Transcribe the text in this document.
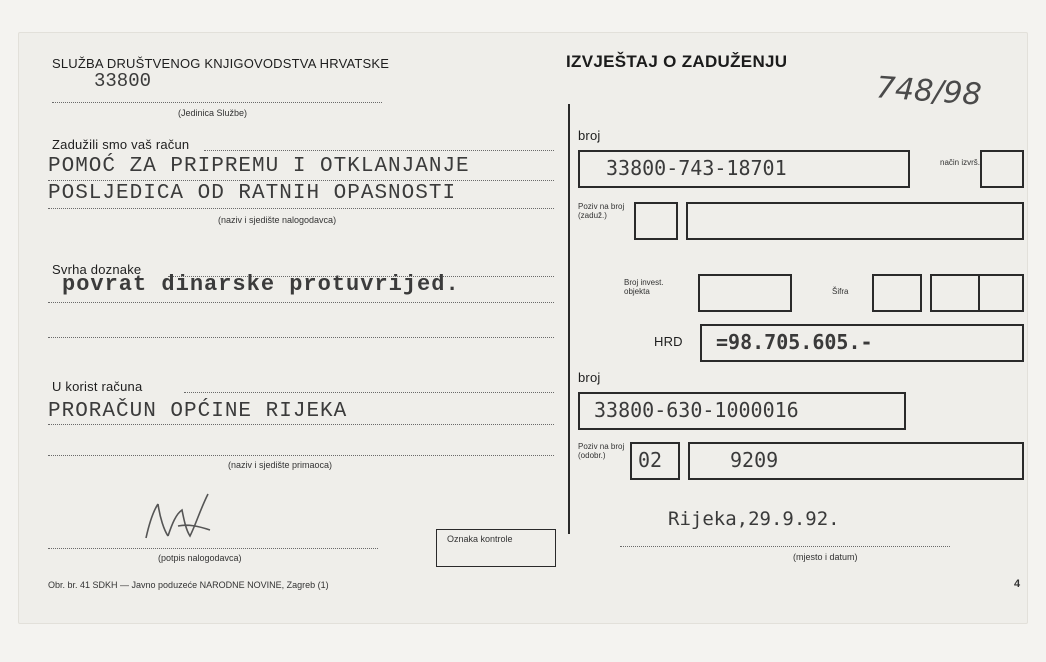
SLUŽBA DRUŠTVENOG KNJIGOVODSTVA HRVATSKE
33800
(Jedinica Službe)
IZVJEŠTAJ O ZADUŽENJU
748/98
Zadužili smo vaš račun
POMOĆ ZA PRIPREMU I OTKLANJANJE
POSLJEDICA OD RATNIH OPASNOSTI
(naziv i sjedište nalogodavca)
Svrha doznake
povrat dinarske protuvrijed.
U korist računa
PRORAČUN OPĆINE RIJEKA
(naziv i sjedište primaoca)
(potpis nalogodavca)
Oznaka kontrole
Obr. br. 41 SDKH — Javno poduzeće NARODNE NOVINE, Zagreb (1)	4
broj
33800-743-18701	način izvrš.
Poziv na broj (zaduž.)
Broj invest. objekta	Šifra
HRD =98.705.605.-
broj
33800-630-1000016
Poziv na broj (odobr.)	02	9209
Rijeka,29.9.92.
(mjesto i datum)
